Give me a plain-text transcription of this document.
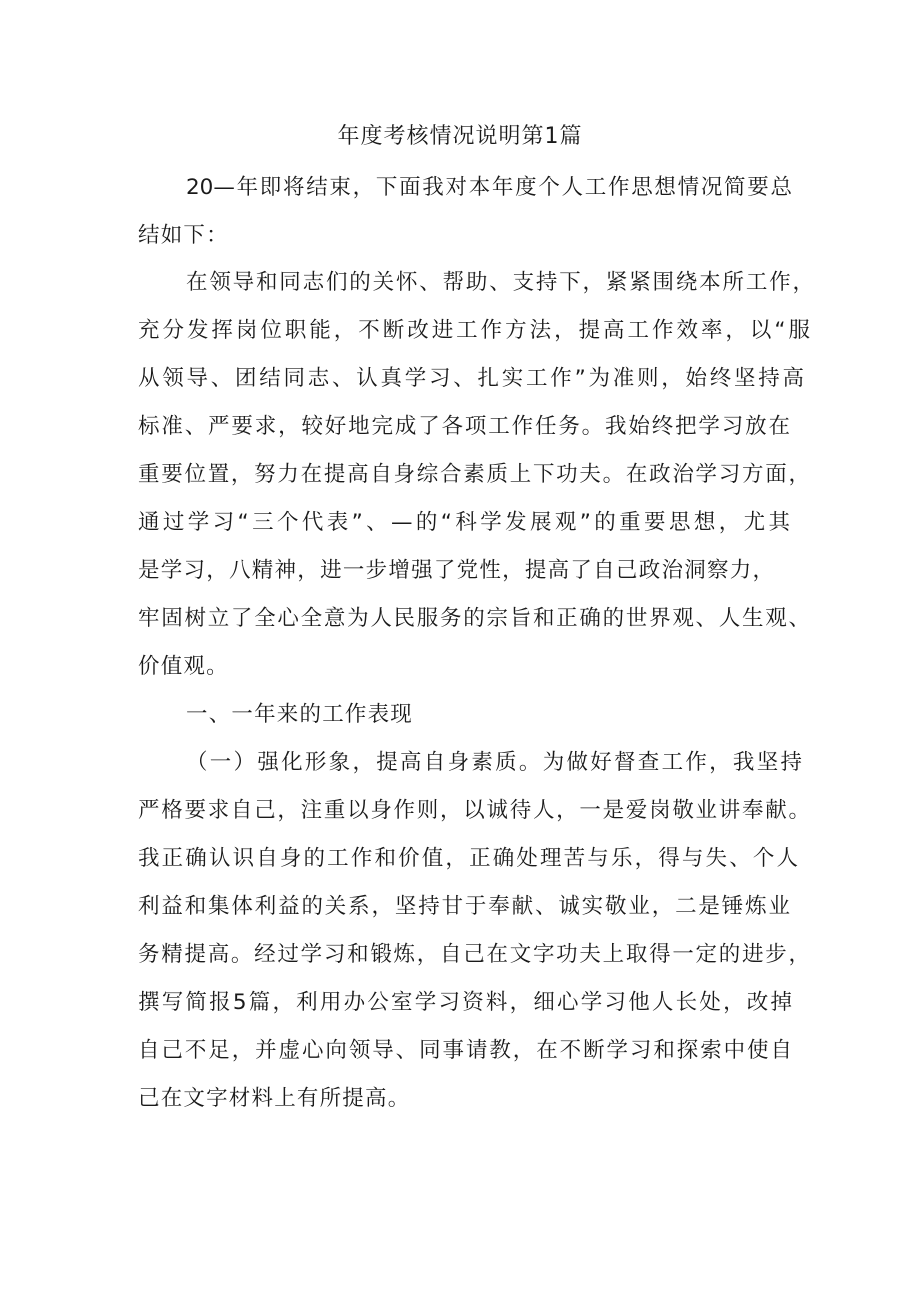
年度考核情况说明第1篇

20—年即将结束，下面我对本年度个人工作思想情况简要总

结如下：

在领导和同志们的关怀、帮助、支持下，紧紧围绕本所工作，

充分发挥岗位职能，不断改进工作方法，提高工作效率，以“服

从领导、团结同志、认真学习、扎实工作”为准则，始终坚持高

标准、严要求，较好地完成了各项工作任务。我始终把学习放在

重要位置，努力在提高自身综合素质上下功夫。在政治学习方面，

通过学习“三个代表”、—的“科学发展观”的重要思想，尤其

是学习，八精神，进一步增强了党性，提高了自己政治洞察力，

牢固树立了全心全意为人民服务的宗旨和正确的世界观、人生观、

价值观。

一、一年来的工作表现

（一）强化形象，提高自身素质。为做好督查工作，我坚持

严格要求自己，注重以身作则，以诚待人，一是爱岗敬业讲奉献。

我正确认识自身的工作和价值，正确处理苦与乐，得与失、个人

利益和集体利益的关系，坚持甘于奉献、诚实敬业，二是锤炼业

务精提高。经过学习和锻炼，自己在文字功夫上取得一定的进步，

撰写简报5篇，利用办公室学习资料，细心学习他人长处，改掉

自己不足，并虚心向领导、同事请教，在不断学习和探索中使自

己在文字材料上有所提高。
